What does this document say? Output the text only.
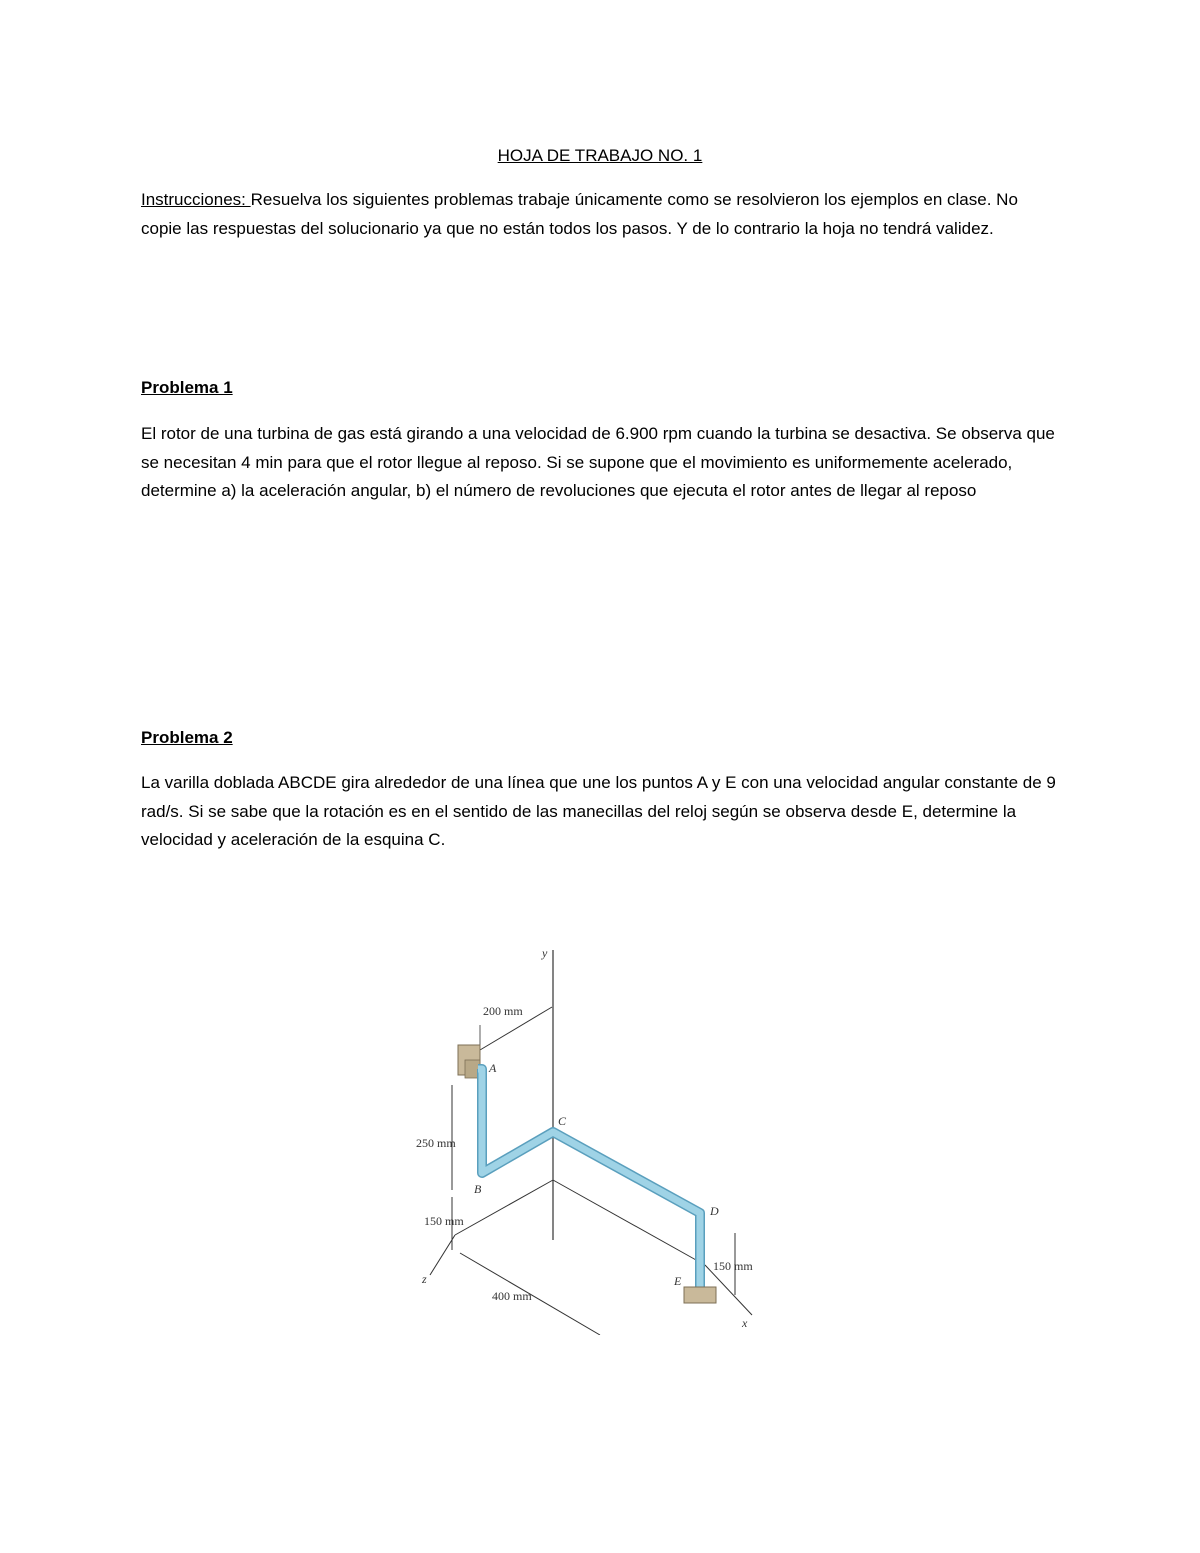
HOJA DE TRABAJO NO. 1

Instrucciones: Resuelva los siguientes problemas trabaje únicamente como se resolvieron los ejemplos en clase. No copie las respuestas del solucionario ya que no están todos los pasos. Y de lo contrario la hoja no tendrá validez.

Problema 1

El rotor de una turbina de gas está girando a una velocidad de 6.900 rpm cuando la turbina se desactiva. Se observa que se necesitan 4 min para que el rotor llegue al reposo. Si se supone que el movimiento es uniformemente acelerado, determine a) la aceleración angular, b) el número de revoluciones que ejecuta el rotor antes de llegar al reposo

Problema 2

La varilla doblada ABCDE gira alrededor de una línea que une los puntos A y E con una velocidad angular constante de 9 rad/s. Si se sabe que la rotación es en el sentido de las manecillas del reloj según se observa desde E, determine la velocidad y aceleración de la esquina C.

y
z
x
200 mm
A
B
C
D
E
250 mm
150 mm
150 mm
400 mm
